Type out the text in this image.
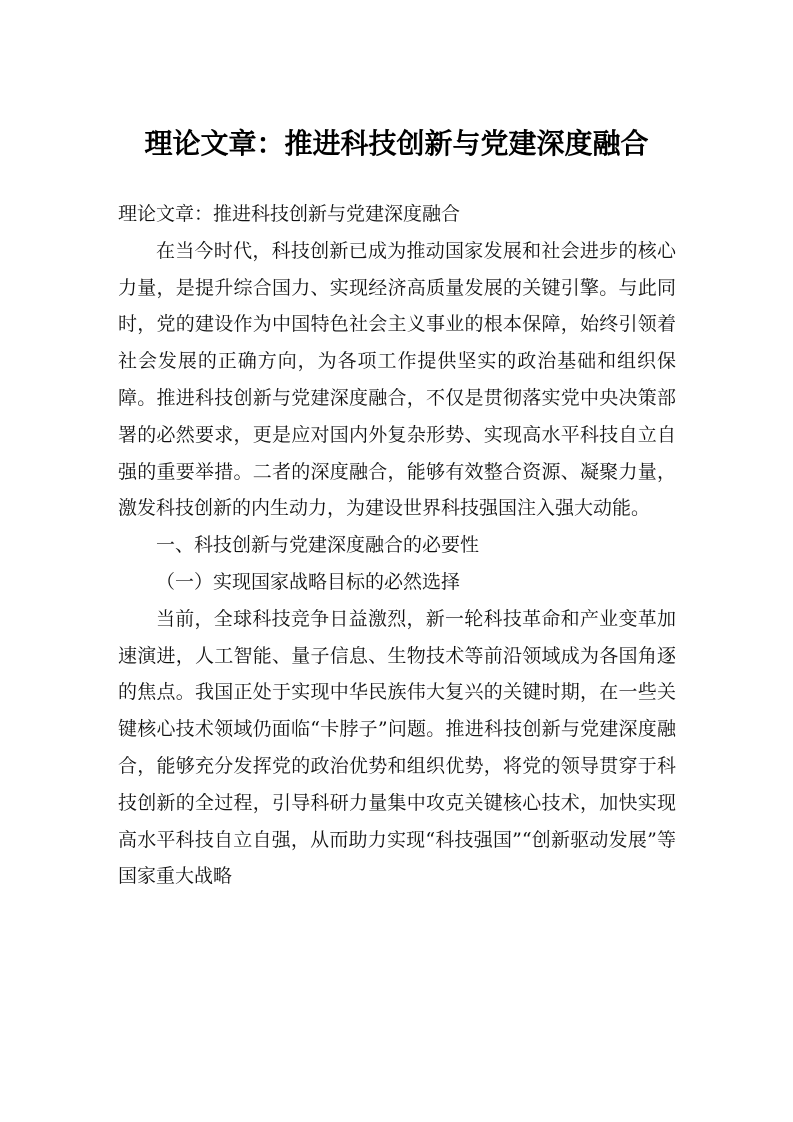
理论文章：推进科技创新与党建深度融合

理论文章：推进科技创新与党建深度融合

在当今时代，科技创新已成为推动国家发展和社会进步的核心力量，是提升综合国力、实现经济高质量发展的关键引擎。与此同时，党的建设作为中国特色社会主义事业的根本保障，始终引领着社会发展的正确方向，为各项工作提供坚实的政治基础和组织保障。推进科技创新与党建深度融合，不仅是贯彻落实党中央决策部署的必然要求，更是应对国内外复杂形势、实现高水平科技自立自强的重要举措。二者的深度融合，能够有效整合资源、凝聚力量，激发科技创新的内生动力，为建设世界科技强国注入强大动能。

一、科技创新与党建深度融合的必要性

（一）实现国家战略目标的必然选择

当前，全球科技竞争日益激烈，新一轮科技革命和产业变革加速演进，人工智能、量子信息、生物技术等前沿领域成为各国角逐的焦点。我国正处于实现中华民族伟大复兴的关键时期，在一些关键核心技术领域仍面临“卡脖子”问题。推进科技创新与党建深度融合，能够充分发挥党的政治优势和组织优势，将党的领导贯穿于科技创新的全过程，引导科研力量集中攻克关键核心技术，加快实现高水平科技自立自强，从而助力实现“科技强国”“创新驱动发展”等国家重大战略
